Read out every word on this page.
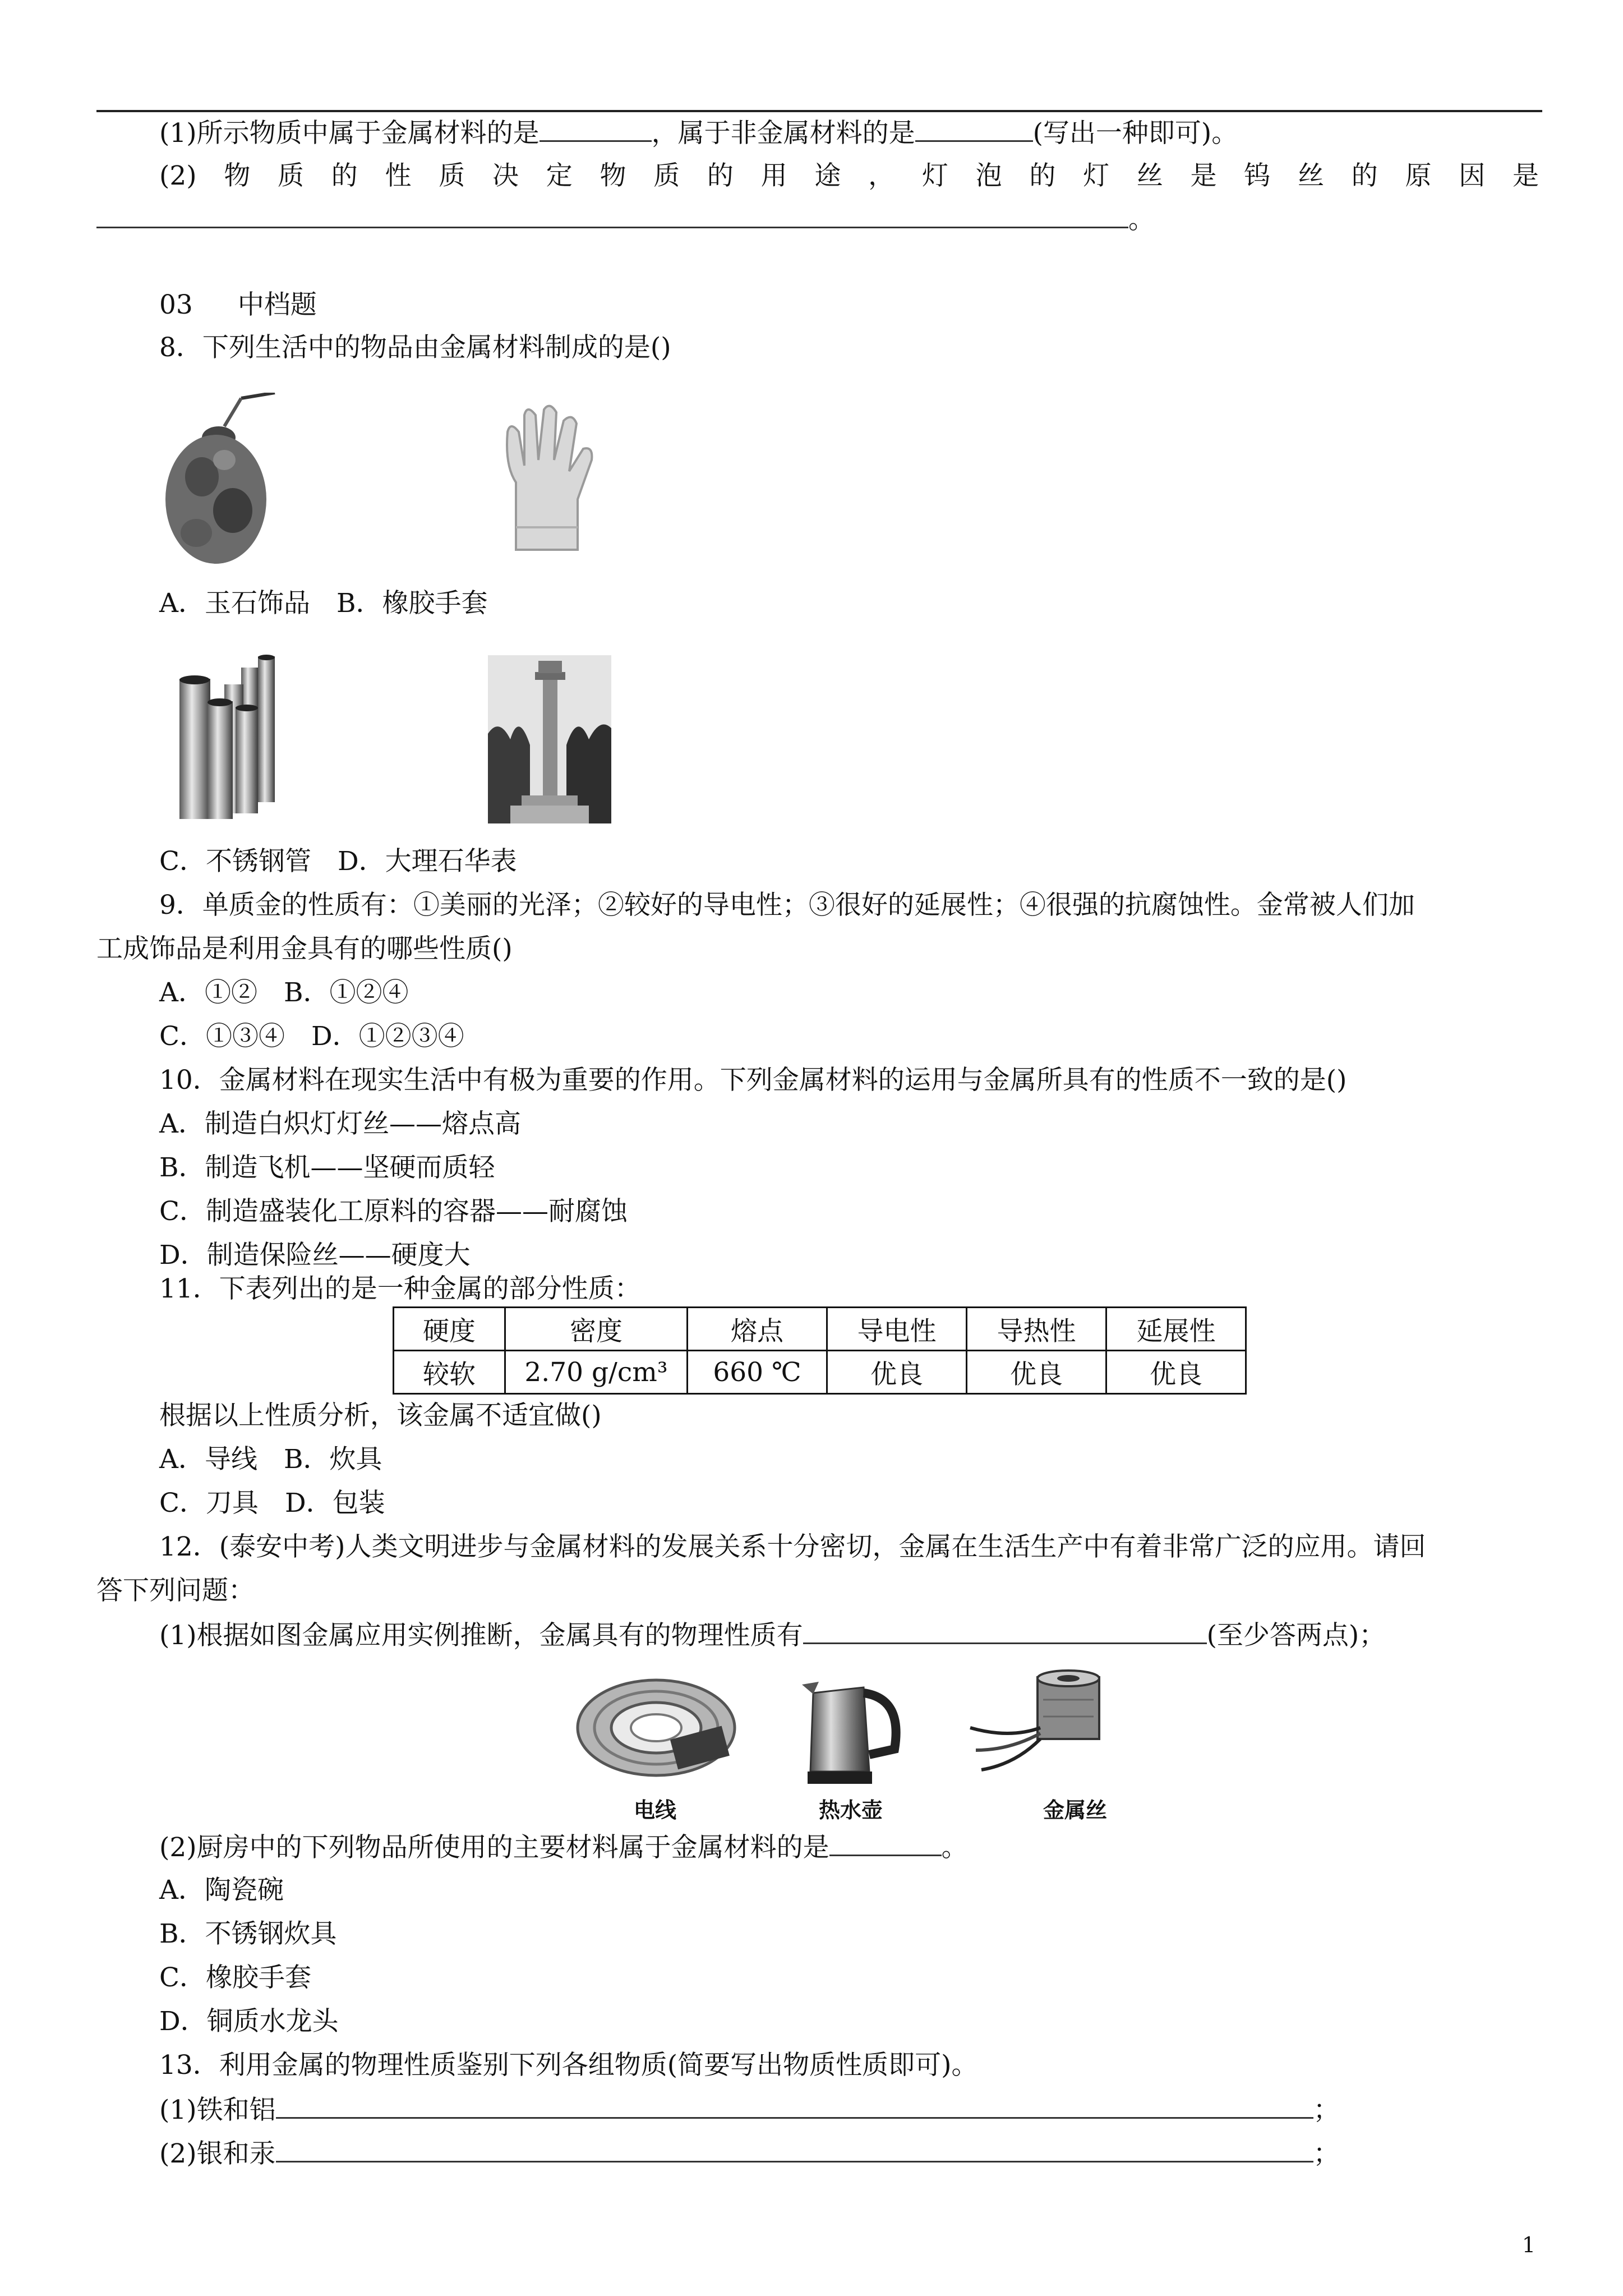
(1)所示物质中属于金属材料的是	，属于非金属材料的是	(写出一种即可)。
(2) 物 质 的 性 质 决 定 物 质 的 用 途 ， 灯 泡 的 灯 丝 是 钨 丝 的 原 因 是
。
03 中档题
8．下列生活中的物品由金属材料制成的是()
A．玉石饰品　B．橡胶手套
C．不锈钢管　D．大理石华表
9．单质金的性质有：①美丽的光泽；②较好的导电性；③很好的延展性；④很强的抗腐蚀性。金常被人们加
工成饰品是利用金具有的哪些性质()
A．①②　B．①②④
C．①③④　D．①②③④
10．金属材料在现实生活中有极为重要的作用。下列金属材料的运用与金属所具有的性质不一致的是()
A．制造白炽灯灯丝——熔点高
B．制造飞机——坚硬而质轻
C．制造盛装化工原料的容器——耐腐蚀
D．制造保险丝——硬度大
11．下表列出的是一种金属的部分性质：
硬度	密度	熔点	导电性	导热性	延展性
较软	2.70 g/cm³	660 ℃	优良	优良	优良
根据以上性质分析，该金属不适宜做()
A．导线　B．炊具
C．刀具　D．包装
12．(泰安中考)人类文明进步与金属材料的发展关系十分密切，金属在生活生产中有着非常广泛的应用。请回
答下列问题：
(1)根据如图金属应用实例推断，金属具有的物理性质有	(至少答两点)；
电线	热水壶	金属丝
(2)厨房中的下列物品所使用的主要材料属于金属材料的是	。
A．陶瓷碗
B．不锈钢炊具
C．橡胶手套
D．铜质水龙头
13．利用金属的物理性质鉴别下列各组物质(简要写出物质性质即可)。
(1)铁和铝	；
(2)银和汞	；
1
